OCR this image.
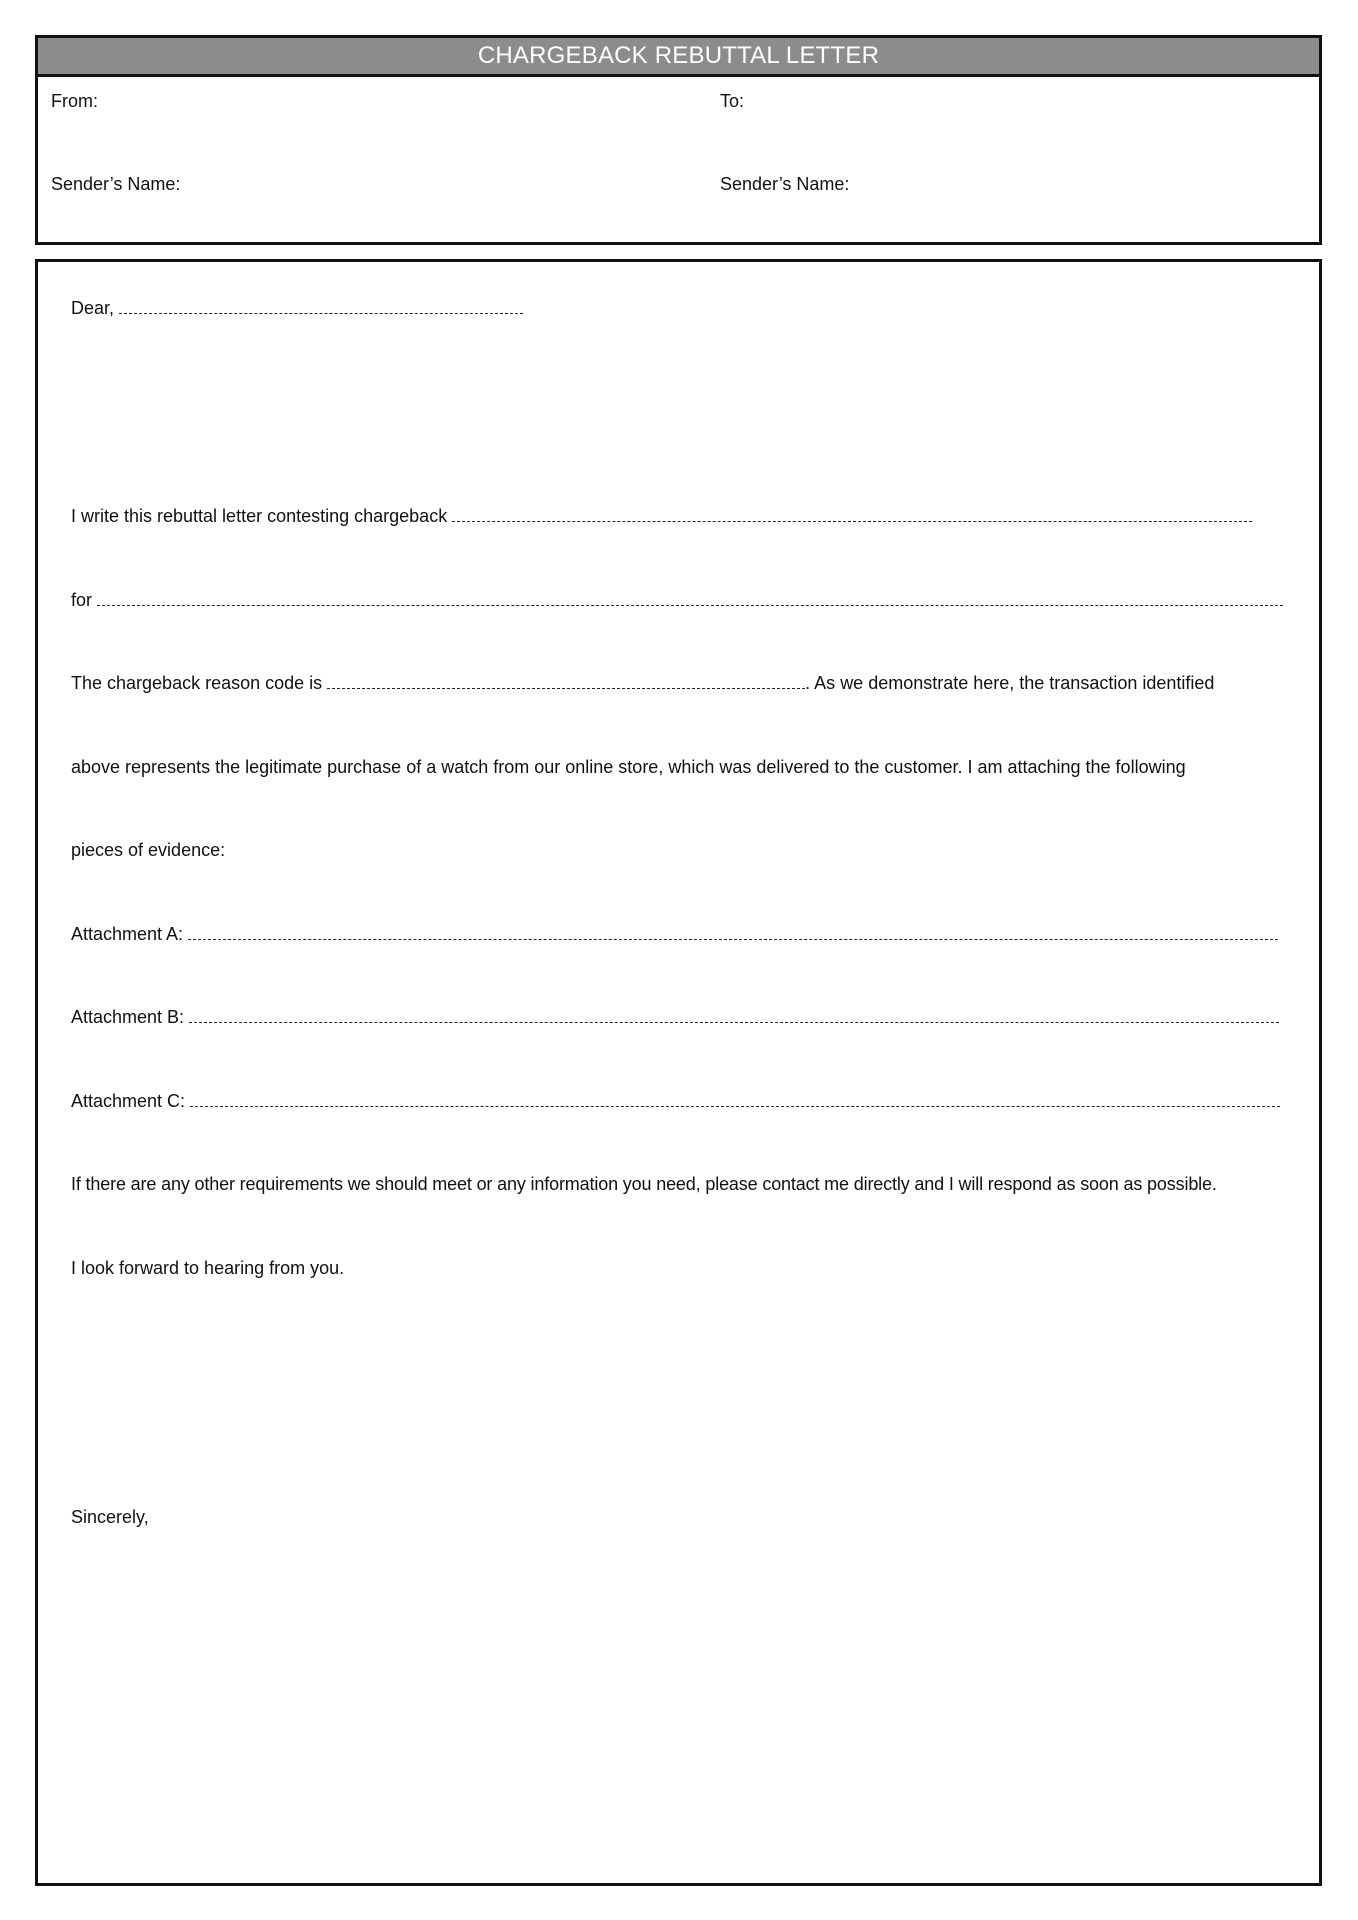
CHARGEBACK REBUTTAL LETTER
From:	To:
Sender’s Name:	Sender’s Name:
Dear,
I write this rebuttal letter contesting chargeback
for
The chargeback reason code is	. As we demonstrate here, the transaction identified
above represents the legitimate purchase of a watch from our online store, which was delivered to the customer. I am attaching the following
pieces of evidence:
Attachment A:
Attachment B:
Attachment C:
If there are any other requirements we should meet or any information you need, please contact me directly and I will respond as soon as possible.
I look forward to hearing from you.
Sincerely,
